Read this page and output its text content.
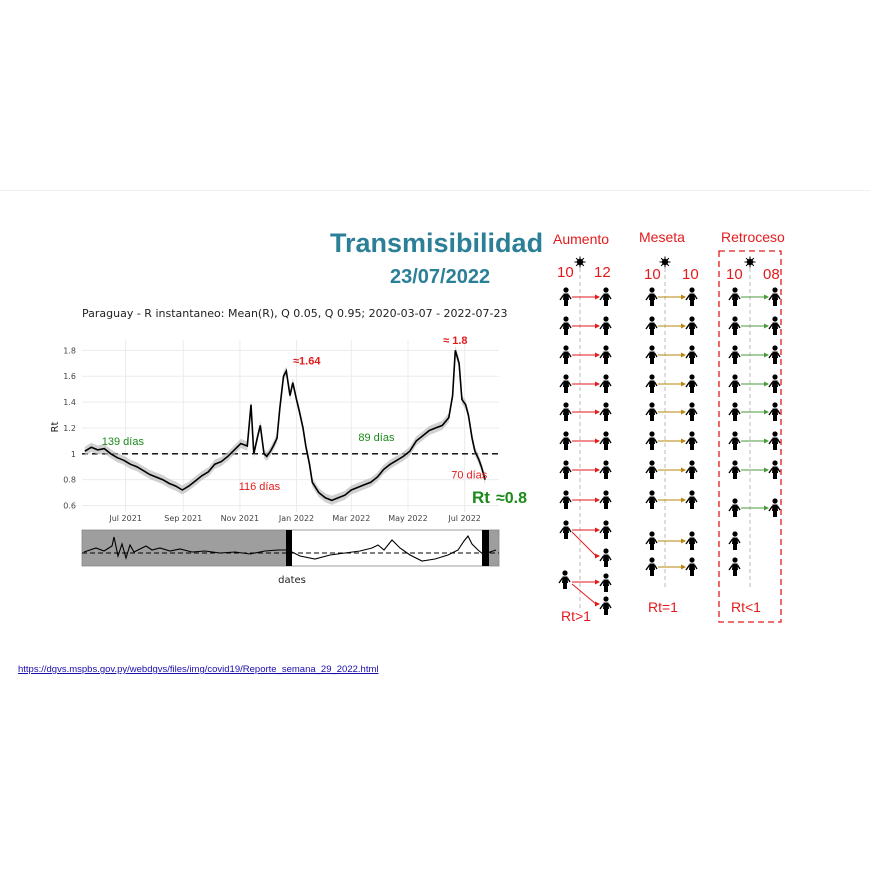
Transmisibilidad
23/07/2022
Paraguay - R instantaneo: Mean(R), Q 0.05, Q 0.95; 2020-03-07 - 2022-07-23
0.6
0.8
1
1.2
1.4
1.6
1.8
Jul 2021	Sep 2021 Nov 2021 Jan 2022 Mar 2022 May 2022	Jul 2022
≈1.64
≈ 1.8
139 días
116 días
89 días
70 días
Rt
Rt ≈0.8
dates
Aumento Meseta	Retroceso
10 12 10 10 10 08
Rt>1
Rt=1	Rt<1
https://dgvs.mspbs.gov.py/webdgvs/files/img/covid19/Reporte_semana_29_2022.html
